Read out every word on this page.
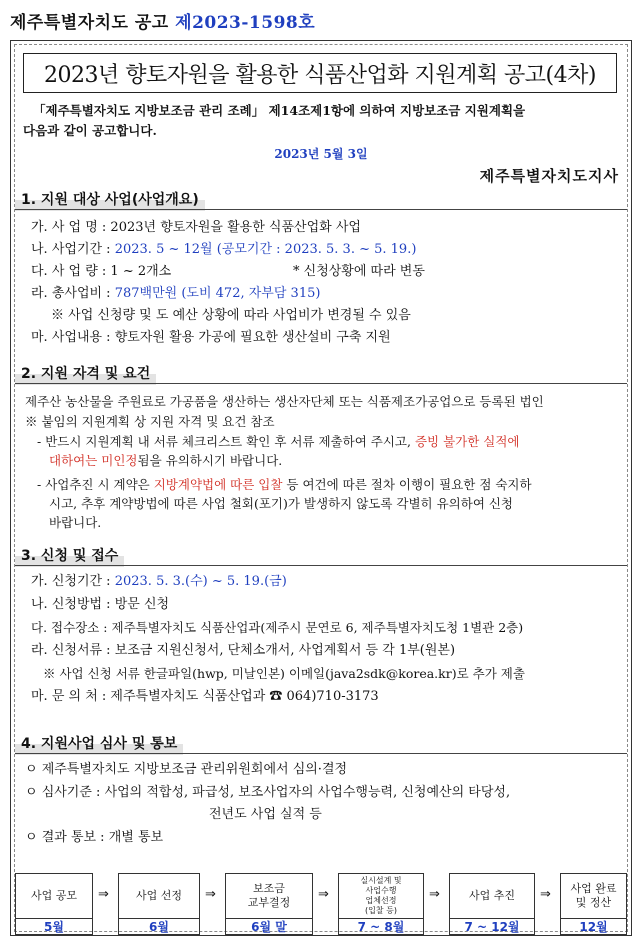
제주특별자치도 공고 제2023-1598호
2023년 향토자원을 활용한 식품산업화 지원계획 공고(4차)
「제주특별자치도 지방보조금 관리 조례」 제14조제1항에 의하여 지방보조금 지원계획을
다음과 같이 공고합니다.
2023년 5월 3일
제주특별자치도지사
1. 지원 대상 사업(사업개요)
가. 사 업 명 : 2023년 향토자원을 활용한 식품산업화 사업
나. 사업기간 : 2023. 5 ~ 12월 (공모기간 : 2023. 5. 3. ~ 5. 19.)
다. 사 업 량 : 1 ~ 2개소	* 신청상황에 따라 변동
라. 총사업비 : 787백만원 (도비 472, 자부담 315)
※ 사업 신청량 및 도 예산 상황에 따라 사업비가 변경될 수 있음
마. 사업내용 : 향토자원 활용 가공에 필요한 생산설비 구축 지원
2. 지원 자격 및 요건
제주산 농산물을 주원료로 가공품을 생산하는 생산자단체 또는 식품제조가공업으로 등록된 법인
※ 붙임의 지원계획 상 지원 자격 및 요건 참조
- 반드시 지원계획 내 서류 체크리스트 확인 후 서류 제출하여 주시고, 증빙 불가한 실적에
대하여는 미인정됨을 유의하시기 바랍니다.
- 사업추진 시 계약은 지방계약법에 따른 입찰 등 여건에 따른 절차 이행이 필요한 점 숙지하
시고, 추후 계약방법에 따른 사업 철회(포기)가 발생하지 않도록 각별히 유의하여 신청
바랍니다.
3. 신청 및 접수
가. 신청기간 : 2023. 5. 3.(수) ~ 5. 19.(금)
나. 신청방법 : 방문 신청
다. 접수장소 : 제주특별자치도 식품산업과(제주시 문연로 6, 제주특별자치도청 1별관 2층)
라. 신청서류 : 보조금 지원신청서, 단체소개서, 사업계획서 등 각 1부(원본)
※ 사업 신청 서류 한글파일(hwp, 미날인본) 이메일(java2sdk@korea.kr)로 추가 제출
마. 문 의 처 : 제주특별자치도 식품산업과 ☎ 064)710-3173
4. 지원사업 심사 및 통보
ㅇ 제주특별자치도 지방보조금 관리위원회에서 심의·결정
ㅇ 심사기준 : 사업의 적합성, 파급성, 보조사업자의 사업수행능력, 신청예산의 타당성,
전년도 사업 실적 등
ㅇ 결과 통보 : 개별 통보
사업 공모
5월
⇒ 사업 선정
6월
⇒	보조금
교부결정
6월 말
⇒
실시설계 및
사업수행
업체선정
(입찰 등)
7 ~ 8월
⇒	사업 추진
7 ~ 12월
⇒ 사업 완료
및 정산
12월
